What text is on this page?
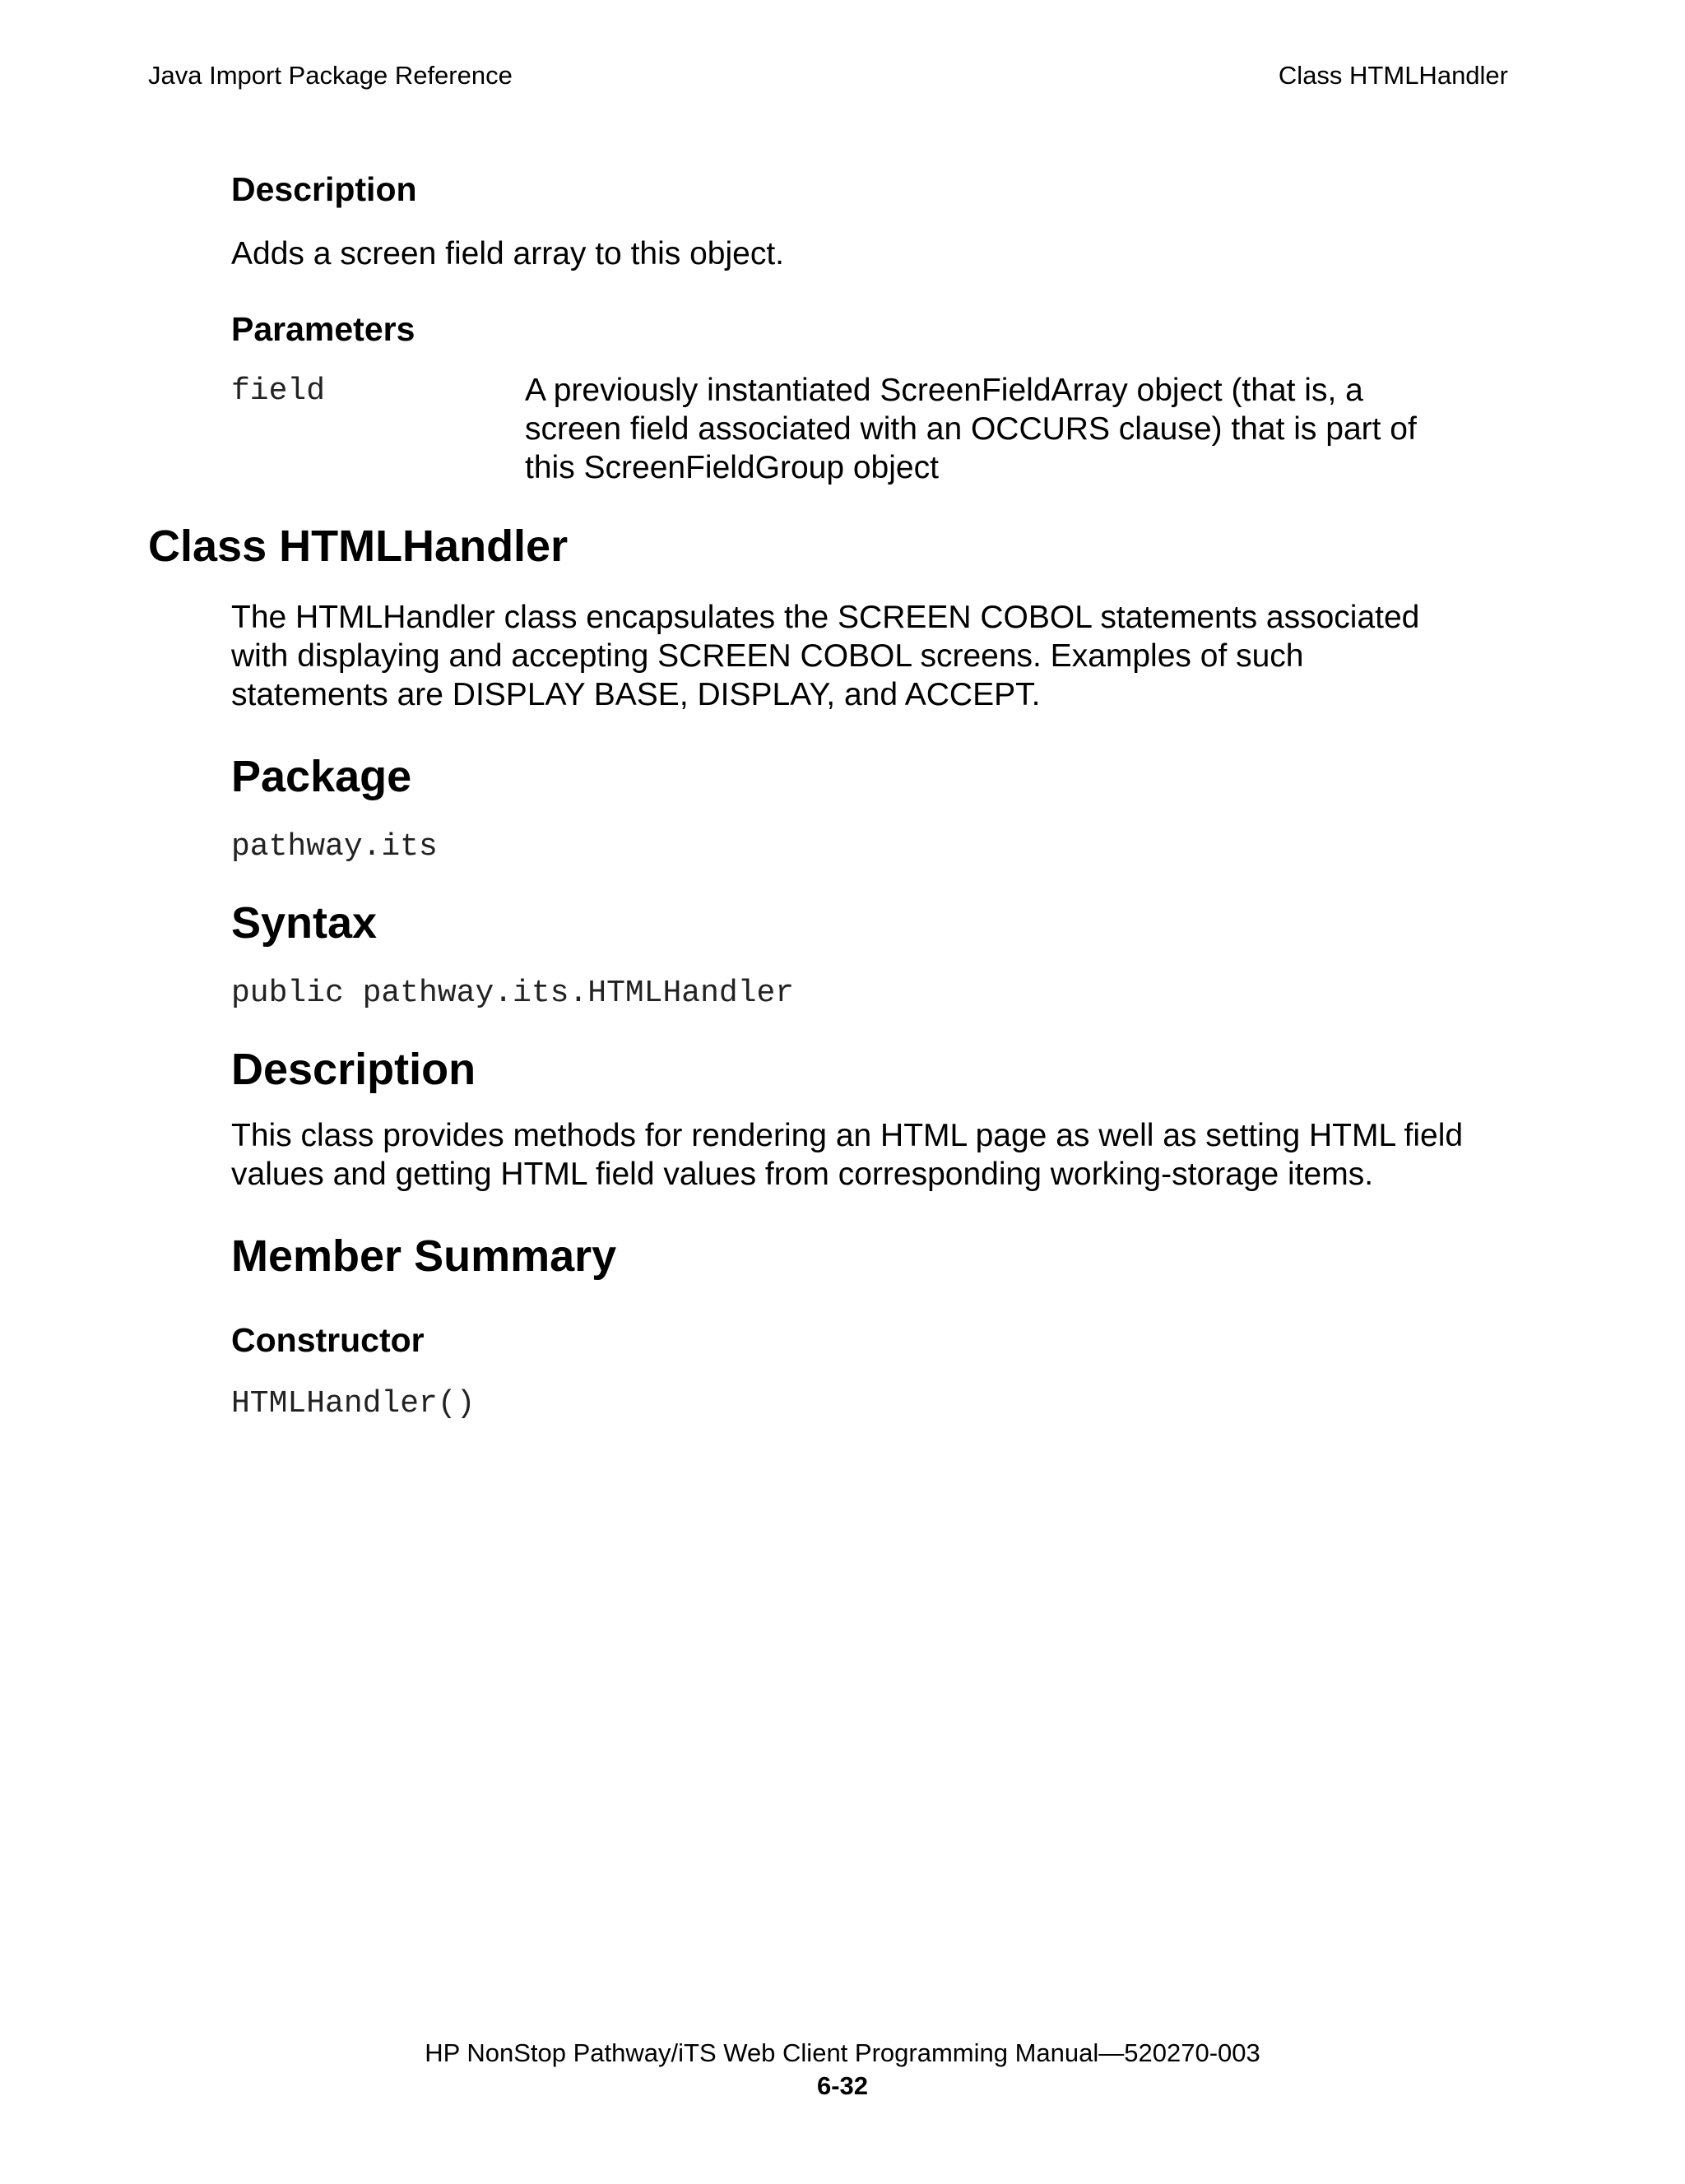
Java Import Package Reference	Class HTMLHandler
Description
Adds a screen field array to this object.
Parameters
field	A previously instantiated ScreenFieldArray object (that is, a
screen field associated with an OCCURS clause) that is part of
this ScreenFieldGroup object
Class HTMLHandler
The HTMLHandler class encapsulates the SCREEN COBOL statements associated
with displaying and accepting SCREEN COBOL screens. Examples of such
statements are DISPLAY BASE, DISPLAY, and ACCEPT.
Package
pathway.its
Syntax
public pathway.its.HTMLHandler
Description
This class provides methods for rendering an HTML page as well as setting HTML field
values and getting HTML field values from corresponding working-storage items.
Member Summary
Constructor
HTMLHandler()
HP NonStop Pathway/iTS Web Client Programming Manual—520270-003
6-32
